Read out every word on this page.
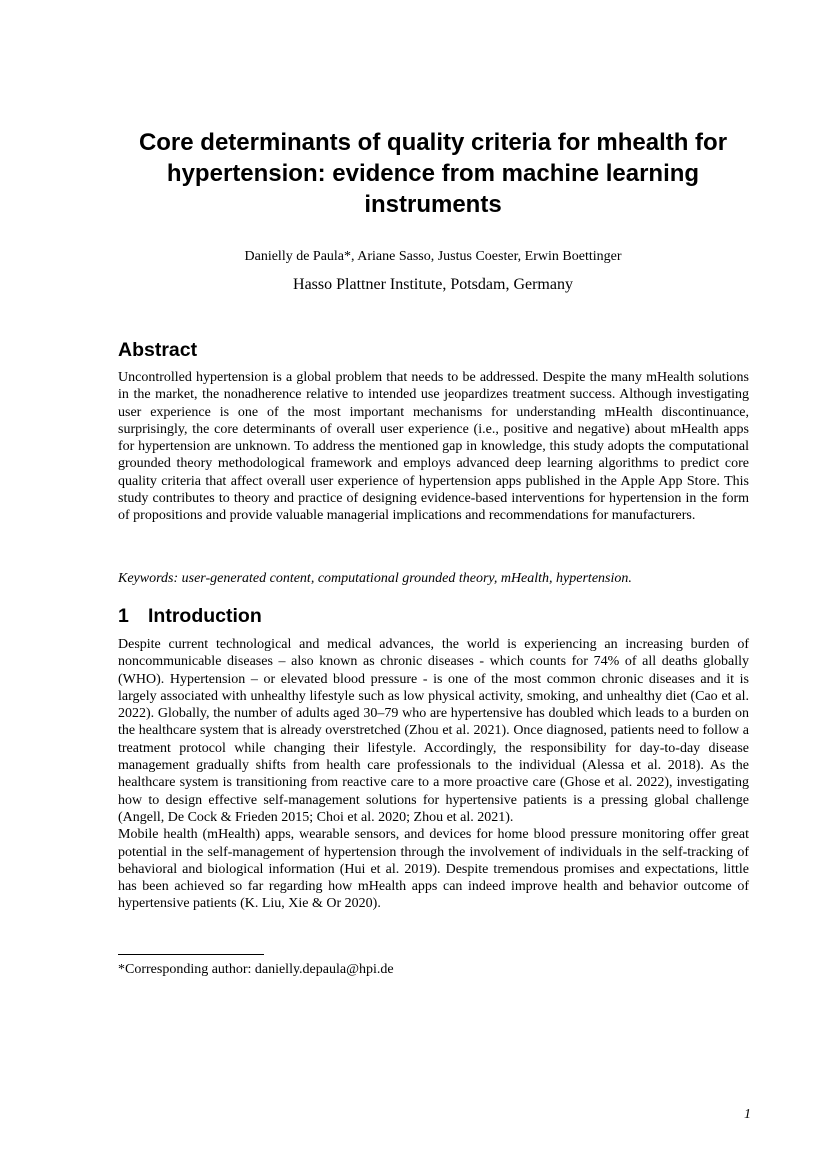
Core determinants of quality criteria for mhealth for hypertension: evidence from machine learning instruments

Danielly de Paula*, Ariane Sasso, Justus Coester, Erwin Boettinger

Hasso Plattner Institute, Potsdam, Germany

Abstract

Uncontrolled hypertension is a global problem that needs to be addressed. Despite the many mHealth solutions in the market, the nonadherence relative to intended use jeopardizes treatment success. Although investigating user experience is one of the most important mechanisms for understanding mHealth discontinuance, surprisingly, the core determinants of overall user experience (i.e., positive and negative) about mHealth apps for hypertension are unknown. To address the mentioned gap in knowledge, this study adopts the computational grounded theory methodological framework and employs advanced deep learning algorithms to predict core quality criteria that affect overall user experience of hypertension apps published in the Apple App Store. This study contributes to theory and practice of designing evidence-based interventions for hypertension in the form of propositions and provide valuable managerial implications and recommendations for manufacturers.

Keywords: user-generated content, computational grounded theory, mHealth, hypertension.

1 Introduction

Despite current technological and medical advances, the world is experiencing an increasing burden of noncommunicable diseases – also known as chronic diseases - which counts for 74% of all deaths globally (WHO). Hypertension – or elevated blood pressure - is one of the most common chronic diseases and it is largely associated with unhealthy lifestyle such as low physical activity, smoking, and unhealthy diet (Cao et al. 2022). Globally, the number of adults aged 30–79 who are hypertensive has doubled which leads to a burden on the healthcare system that is already overstretched (Zhou et al. 2021). Once diagnosed, patients need to follow a treatment protocol while changing their lifestyle. Accordingly, the responsibility for day-to-day disease management gradually shifts from health care professionals to the individual (Alessa et al. 2018). As the healthcare system is transitioning from reactive care to a more proactive care (Ghose et al. 2022), investigating how to design effective self-management solutions for hypertensive patients is a pressing global challenge (Angell, De Cock & Frieden 2015; Choi et al. 2020; Zhou et al. 2021).

Mobile health (mHealth) apps, wearable sensors, and devices for home blood pressure monitoring offer great potential in the self-management of hypertension through the involvement of individuals in the self-tracking of behavioral and biological information (Hui et al. 2019). Despite tremendous promises and expectations, little has been achieved so far regarding how mHealth apps can indeed improve health and behavior outcome of hypertensive patients (K. Liu, Xie & Or 2020).

*Corresponding author: danielly.depaula@hpi.de

1
